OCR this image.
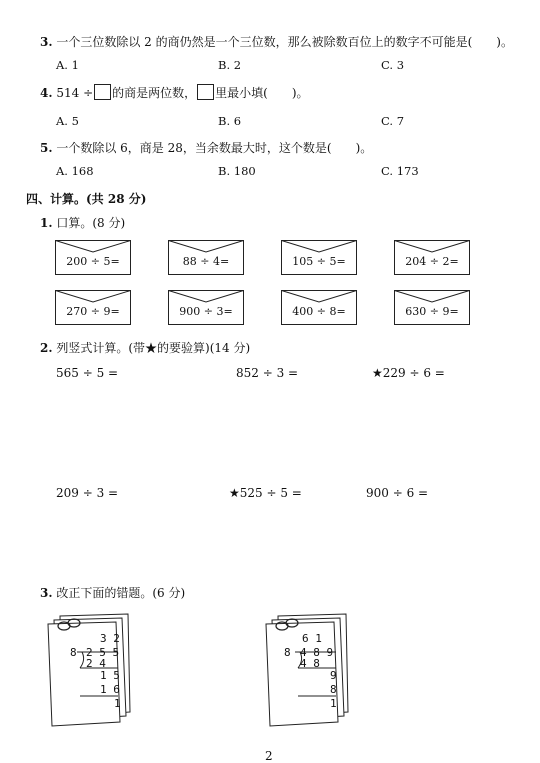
3. 一个三位数除以 2 的商仍然是一个三位数，那么被除数百位上的数字不可能是(　　)。
A. 1	B. 2	C. 3
4. 514 ÷ 的商是两位数， 里最小填(　　)。
A. 5	B. 6	C. 7
5. 一个数除以 6，商是 28，当余数最大时，这个数是(　　)。
A. 168	B. 180	C. 173
四、计算。(共 28 分)
1. 口算。(8 分)
200 ÷ 5=	88 ÷ 4=	105 ÷ 5=	204 ÷ 2=
270 ÷ 9=	900 ÷ 3=	400 ÷ 8=	630 ÷ 9=
2. 列竖式计算。(带★的要验算)(14 分)
565 ÷ 5 =	852 ÷ 3 =	★229 ÷ 6 =
209 ÷ 3 =	★525 ÷ 5 =	900 ÷ 6 =
3. 改正下面的错题。(6 分)
3 2
8 2 5 5
2 4
1 5
1 6
1
6 1
8 4 8 9
4 8
9
8
1
2
